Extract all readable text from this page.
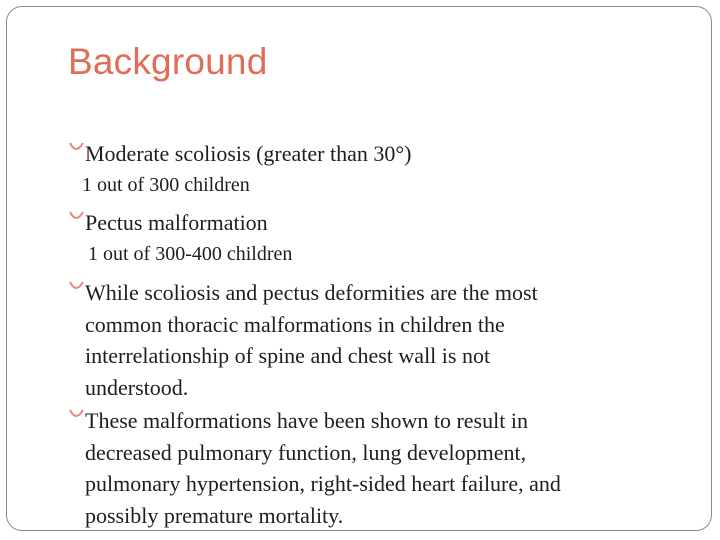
Background
Moderate scoliosis (greater than 30°)
1 out of 300 children
Pectus malformation
1 out of 300-400 children
While scoliosis and pectus deformities are the most
common thoracic malformations in children the
interrelationship of spine and chest wall is not
understood.
These malformations have been shown to result in
decreased pulmonary function, lung development,
pulmonary hypertension, right-sided heart failure, and
possibly premature mortality.
